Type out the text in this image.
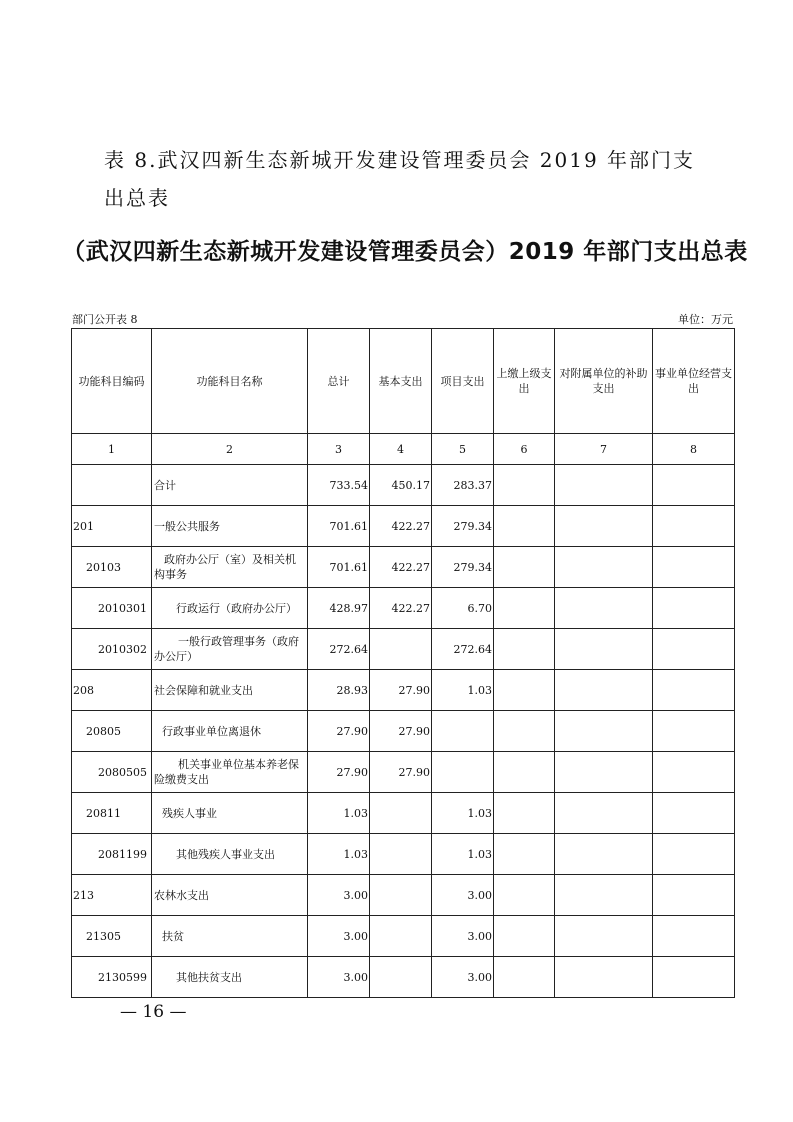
表 8.武汉四新生态新城开发建设管理委员会 2019 年部门支出总表
（武汉四新生态新城开发建设管理委员会）2019 年部门支出总表
部门公开表 8	单位：万元
功能科目编码	功能科目名称	总计	基本支出	项目支出	上缴上级支出	对附属单位的补助支出	事业单位经营支出
1	2	3	4	5	6	7	8
	合计	733.54	450.17	283.37			
201	一般公共服务	701.61	422.27	279.34			
20103	政府办公厅（室）及相关机构事务	701.61	422.27	279.34			
2010301	行政运行（政府办公厅）	428.97	422.27	6.70			
2010302	一般行政管理事务（政府办公厅）	272.64		272.64			
208	社会保障和就业支出	28.93	27.90	1.03			
20805	行政事业单位离退休	27.90	27.90				
2080505	机关事业单位基本养老保险缴费支出	27.90	27.90				
20811	残疾人事业	1.03		1.03			
2081199	其他残疾人事业支出	1.03		1.03			
213	农林水支出	3.00		3.00			
21305	扶贫	3.00		3.00			
2130599	其他扶贫支出	3.00		3.00			
— 16 —
